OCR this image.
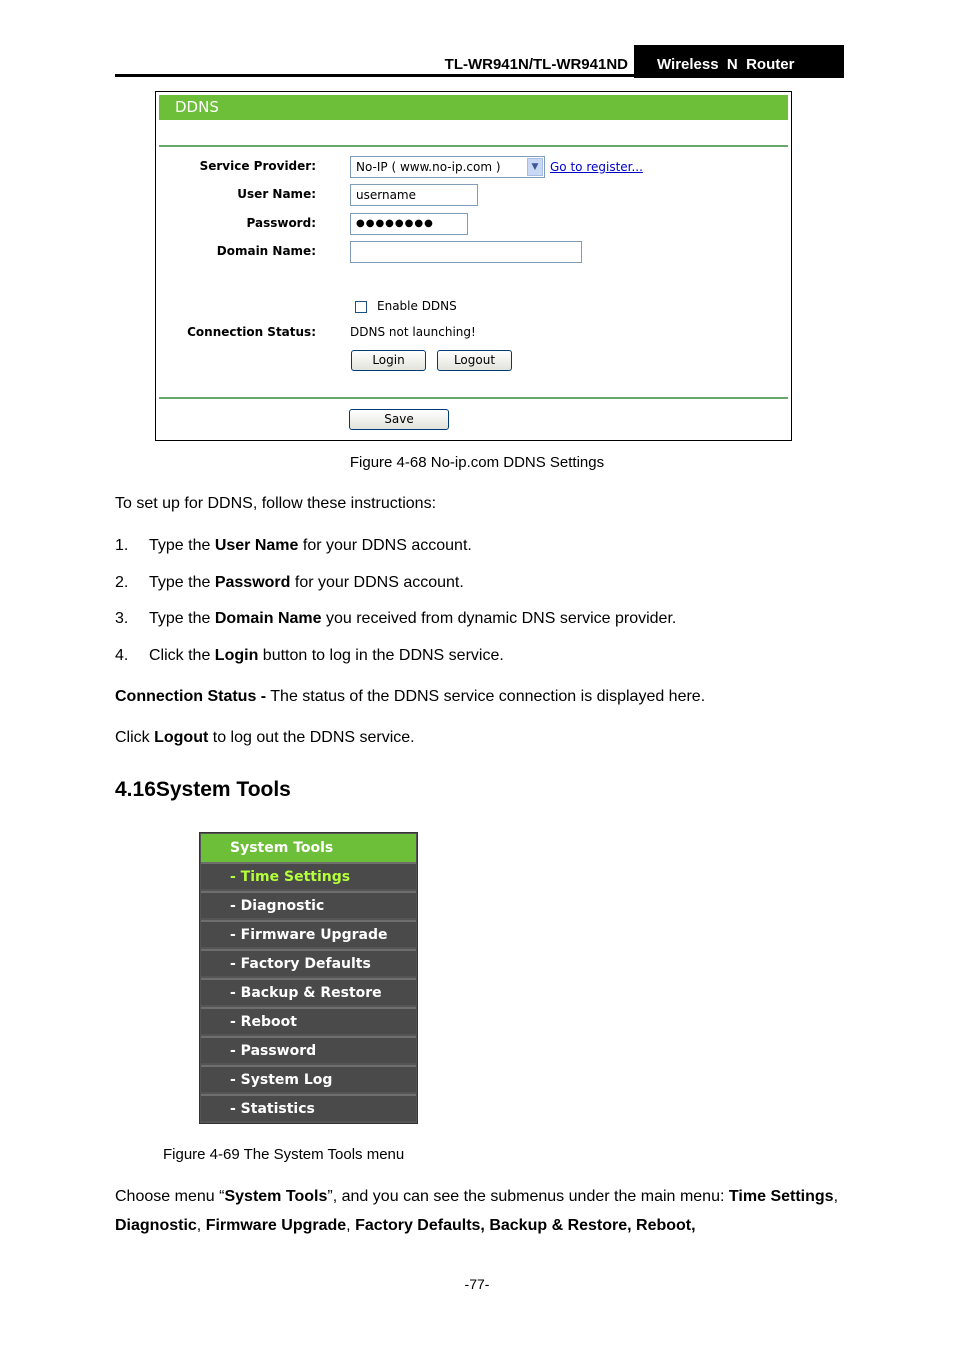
TL-WR941N/TL-WR941ND	Wireless  N  Router
DDNS
Service Provider:	No-IP ( www.no-ip.com )	▼ Go to register...
User Name:	username
Password:	●●●●●●●●
Domain Name:
Enable DDNS
Connection Status:	DDNS not launching!
Login	Logout
Save
Figure 4-68 No-ip.com DDNS Settings
To set up for DDNS, follow these instructions:
1. Type the User Name for your DDNS account.
2. Type the Password for your DDNS account.
3. Type the Domain Name you received from dynamic DNS service provider.
4. Click the Login button to log in the DDNS service.
Connection Status - The status of the DDNS service connection is displayed here.
Click Logout to log out the DDNS service.
4.16System Tools
System Tools
- Time Settings
- Diagnostic
- Firmware Upgrade
- Factory Defaults
- Backup & Restore
- Reboot
- Password
- System Log
- Statistics
Figure 4-69 The System Tools menu
Choose menu “System Tools”, and you can see the submenus under the main menu: Time Settings, Diagnostic, Firmware Upgrade, Factory Defaults, Backup & Restore, Reboot,
-77-
